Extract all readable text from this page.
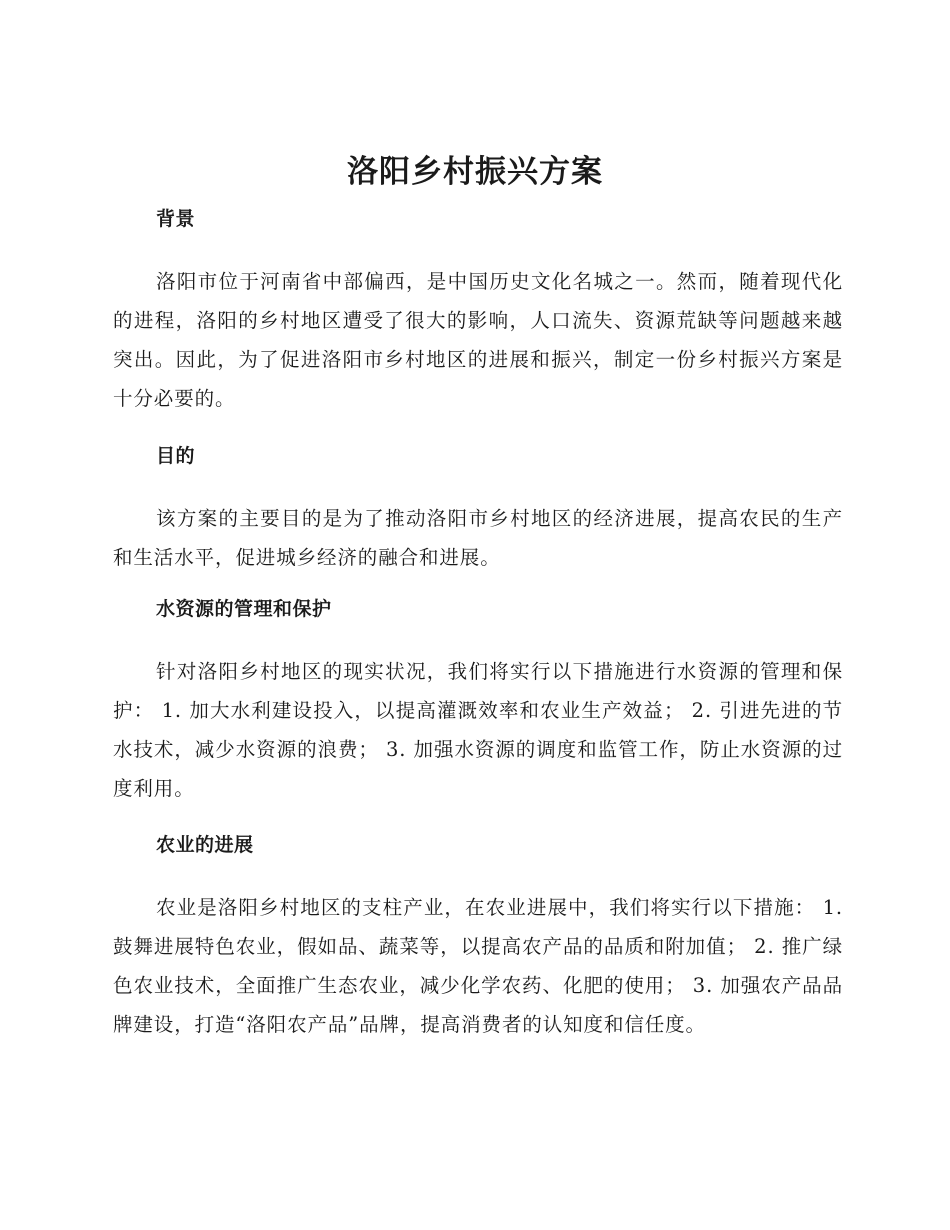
洛阳乡村振兴方案
背景

洛阳市位于河南省中部偏西，是中国历史文化名城之一。然而，随着现代化的进程，洛阳的乡村地区遭受了很大的影响，人口流失、资源荒缺等问题越来越突出。因此，为了促进洛阳市乡村地区的进展和振兴，制定一份乡村振兴方案是十分必要的。

目的

该方案的主要目的是为了推动洛阳市乡村地区的经济进展，提高农民的生产和生活水平，促进城乡经济的融合和进展。

水资源的管理和保护

针对洛阳乡村地区的现实状况，我们将实行以下措施进行水资源的管理和保护： 1. 加大水利建设投入，以提高灌溉效率和农业生产效益； 2. 引进先进的节水技术，减少水资源的浪费； 3. 加强水资源的调度和监管工作，防止水资源的过度利用。

农业的进展

农业是洛阳乡村地区的支柱产业，在农业进展中，我们将实行以下措施： 1. 鼓舞进展特色农业，假如品、蔬菜等，以提高农产品的品质和附加值； 2. 推广绿色农业技术，全面推广生态农业，减少化学农药、化肥的使用； 3. 加强农产品品牌建设，打造“洛阳农产品”品牌，提高消费者的认知度和信任度。
